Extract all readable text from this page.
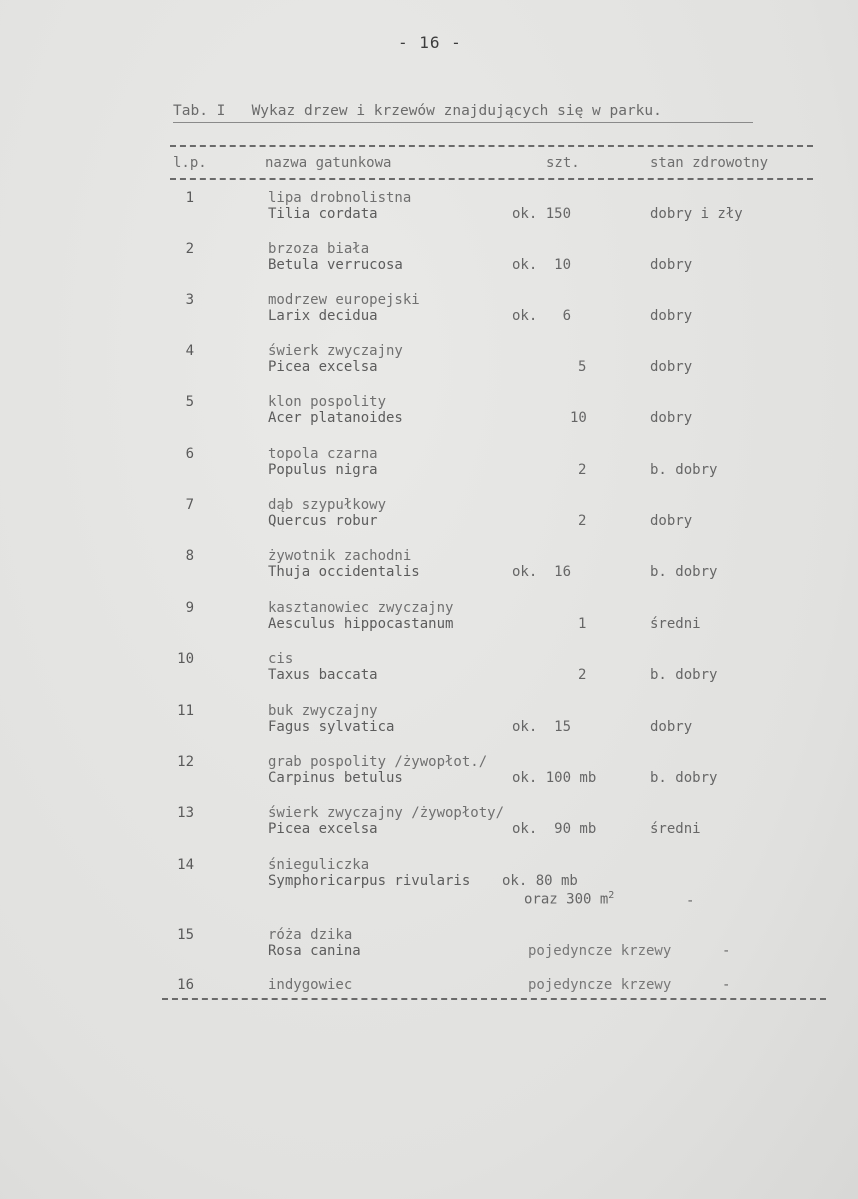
- 16 -
Tab. I   Wykaz drzew i krzewów znajdujących się w parku.
l.p.	nazwa gatunkowa	szt.	stan zdrowotny
1	lipa drobnolistna
Tilia cordata	ok. 150	dobry i zły
2	brzoza biała
Betula verrucosa	ok.  10	dobry
3	modrzew europejski
Larix decidua	ok.   6	dobry
4	świerk zwyczajny
Picea excelsa	5	dobry
5	klon pospolity
Acer platanoides	10	dobry
6	topola czarna
Populus nigra	2	b. dobry
7	dąb szypułkowy
Quercus robur	2	dobry
8	żywotnik zachodni
Thuja occidentalis	ok.  16	b. dobry
9	kasztanowiec zwyczajny
Aesculus hippocastanum	1	średni
10	cis
Taxus baccata	2	b. dobry
11	buk zwyczajny
Fagus sylvatica	ok.  15	dobry
12	grab pospolity /żywopłot./
Carpinus betulus	ok. 100 mb	b. dobry
13	świerk zwyczajny /żywopłoty/
Picea excelsa	ok.  90 mb	średni
14	śnieguliczka
Symphoricarpus rivularis ok. 80 mb
oraz 300 $m^2$	-
15	róża dzika
Rosa canina	pojedyncze krzewy	-
16	indygowiec	pojedyncze krzewy	-
